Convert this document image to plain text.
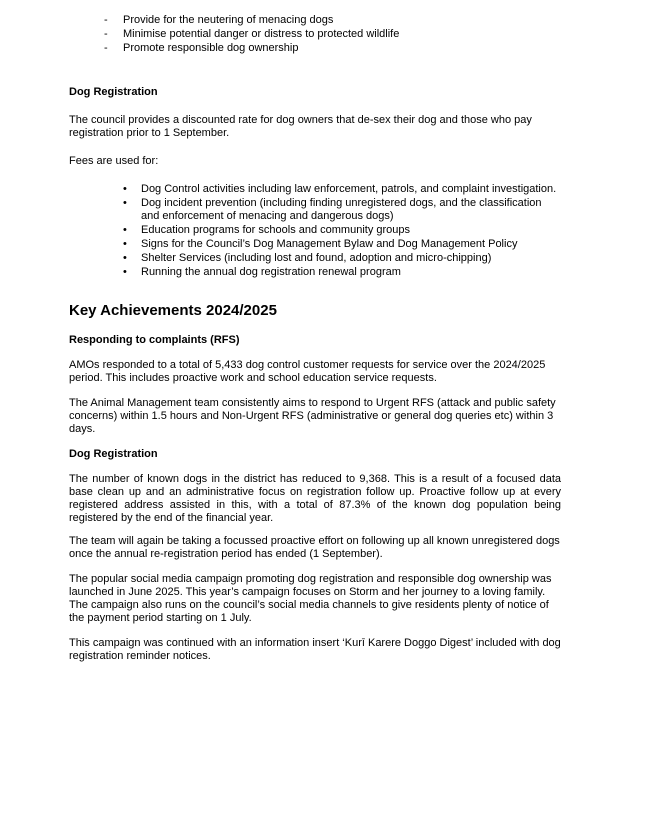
- Provide for the neutering of menacing dogs
- Minimise potential danger or distress to protected wildlife
- Promote responsible dog ownership
Dog Registration

The council provides a discounted rate for dog owners that de-sex their dog and those who pay registration prior to 1 September.

Fees are used for:

• Dog Control activities including law enforcement, patrols, and complaint investigation.
• Dog incident prevention (including finding unregistered dogs, and the classification and enforcement of menacing and dangerous dogs)
• Education programs for schools and community groups
• Signs for the Council’s Dog Management Bylaw and Dog Management Policy
• Shelter Services (including lost and found, adoption and micro-chipping)
• Running the annual dog registration renewal program
Key Achievements 2024/2025
Responding to complaints (RFS)

AMOs responded to a total of 5,433 dog control customer requests for service over the 2024/2025 period. This includes proactive work and school education service requests.

The Animal Management team consistently aims to respond to Urgent RFS (attack and public safety concerns) within 1.5 hours and Non-Urgent RFS (administrative or general dog queries etc) within 3 days.

Dog Registration

The number of known dogs in the district has reduced to 9,368. This is a result of a focused data base clean up and an administrative focus on registration follow up. Proactive follow up at every registered address assisted in this, with a total of 87.3% of the known dog population being registered by the end of the financial year.

The team will again be taking a focussed proactive effort on following up all known unregistered dogs once the annual re-registration period has ended (1 September).

The popular social media campaign promoting dog registration and responsible dog ownership was launched in June 2025. This year’s campaign focuses on Storm and her journey to a loving family. The campaign also runs on the council’s social media channels to give residents plenty of notice of the payment period starting on 1 July.

This campaign was continued with an information insert ‘Kurī Karere Doggo Digest’ included with dog registration reminder notices.
